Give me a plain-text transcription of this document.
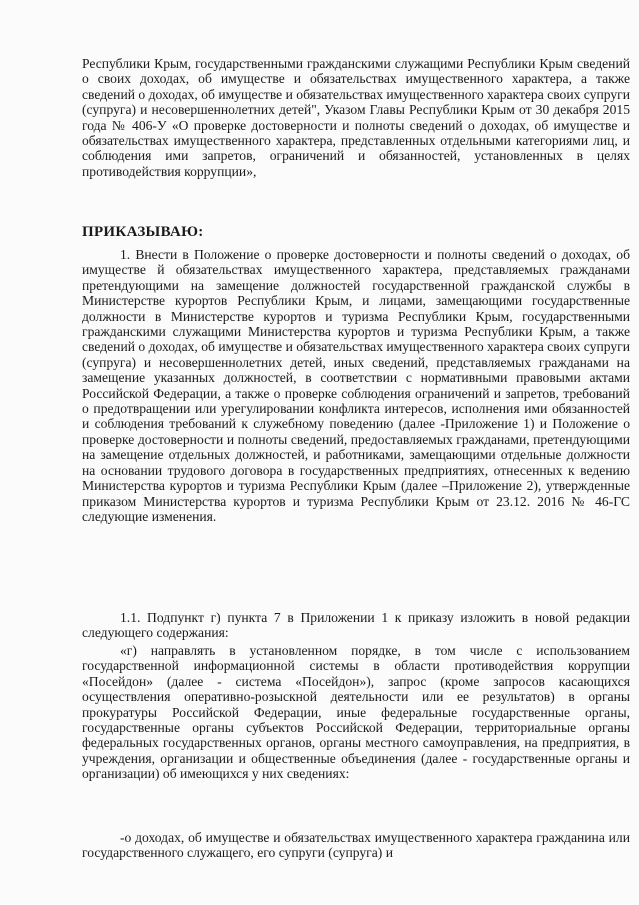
Республики Крым, государственными гражданскими служащими Республики Крым сведений о своих доходах, об имуществе и обязательствах имущественного характера, а также сведений о доходах, об имуществе и обязательствах имущественного характера своих супруги (супруга) и несовершеннолетних детей", Указом Главы Республики Крым от 30 декабря 2015 года № 406-У «О проверке достоверности и полноты сведений о доходах, об имуществе и обязательствах имущественного характера, представленных отдельными категориями лиц, и соблюдения ими запретов, ограничений и обязанностей, установленных в целях противодействия коррупции»,

ПРИКАЗЫВАЮ:

1. Внести в Положение о проверке достоверности и полноты сведений о доходах, об имуществе й обязательствах имущественного характера, представляемых гражданами претендующими на замещение должностей государственной гражданской службы в Министерстве курортов Республики Крым, и лицами, замещающими государственные должности в Министерстве курортов и туризма Республики Крым, государственными гражданскими служащими Министерства курортов и туризма Республики Крым, а также сведений о доходах, об имуществе и обязательствах имущественного характера своих супруги (супруга) и несовершеннолетних детей, иных сведений, представляемых гражданами на замещение указанных должностей, в соответствии с нормативными правовыми актами Российской Федерации, а также о проверке соблюдения ограничений и запретов, требований о предотвращении или урегулировании конфликта интересов, исполнения ими обязанностей и соблюдения требований к служебному поведению (далее -Приложение 1) и Положение о проверке достоверности и полноты сведений, предоставляемых гражданами, претендующими на замещение отдельных должностей, и работниками, замещающими отдельные должности на основании трудового договора в государственных предприятиях, отнесенных к ведению Министерства курортов и туризма Республики Крым (далее –Приложение 2), утвержденные приказом Министерства курортов и туризма Республики Крым от 23.12. 2016 № 46-ГС следующие изменения.

1.1. Подпункт г) пункта 7 в Приложении 1 к приказу изложить в новой редакции следующего содержания:

«г) направлять в установленном порядке, в том числе с использованием государственной информационной системы в области противодействия коррупции «Посейдон» (далее - система «Посейдон»), запрос (кроме запросов касающихся осуществления оперативно-розыскной деятельности или ее результатов) в органы прокуратуры Российской Федерации, иные федеральные государственные органы, государственные органы субъектов Российской Федерации, территориальные органы федеральных государственных органов, органы местного самоуправления, на предприятия, в учреждения, организации и общественные объединения (далее - государственные органы и организации) об имеющихся у них сведениях:

-о доходах, об имуществе и обязательствах имущественного характера гражданина или государственного служащего, его супруги (супруга) и
